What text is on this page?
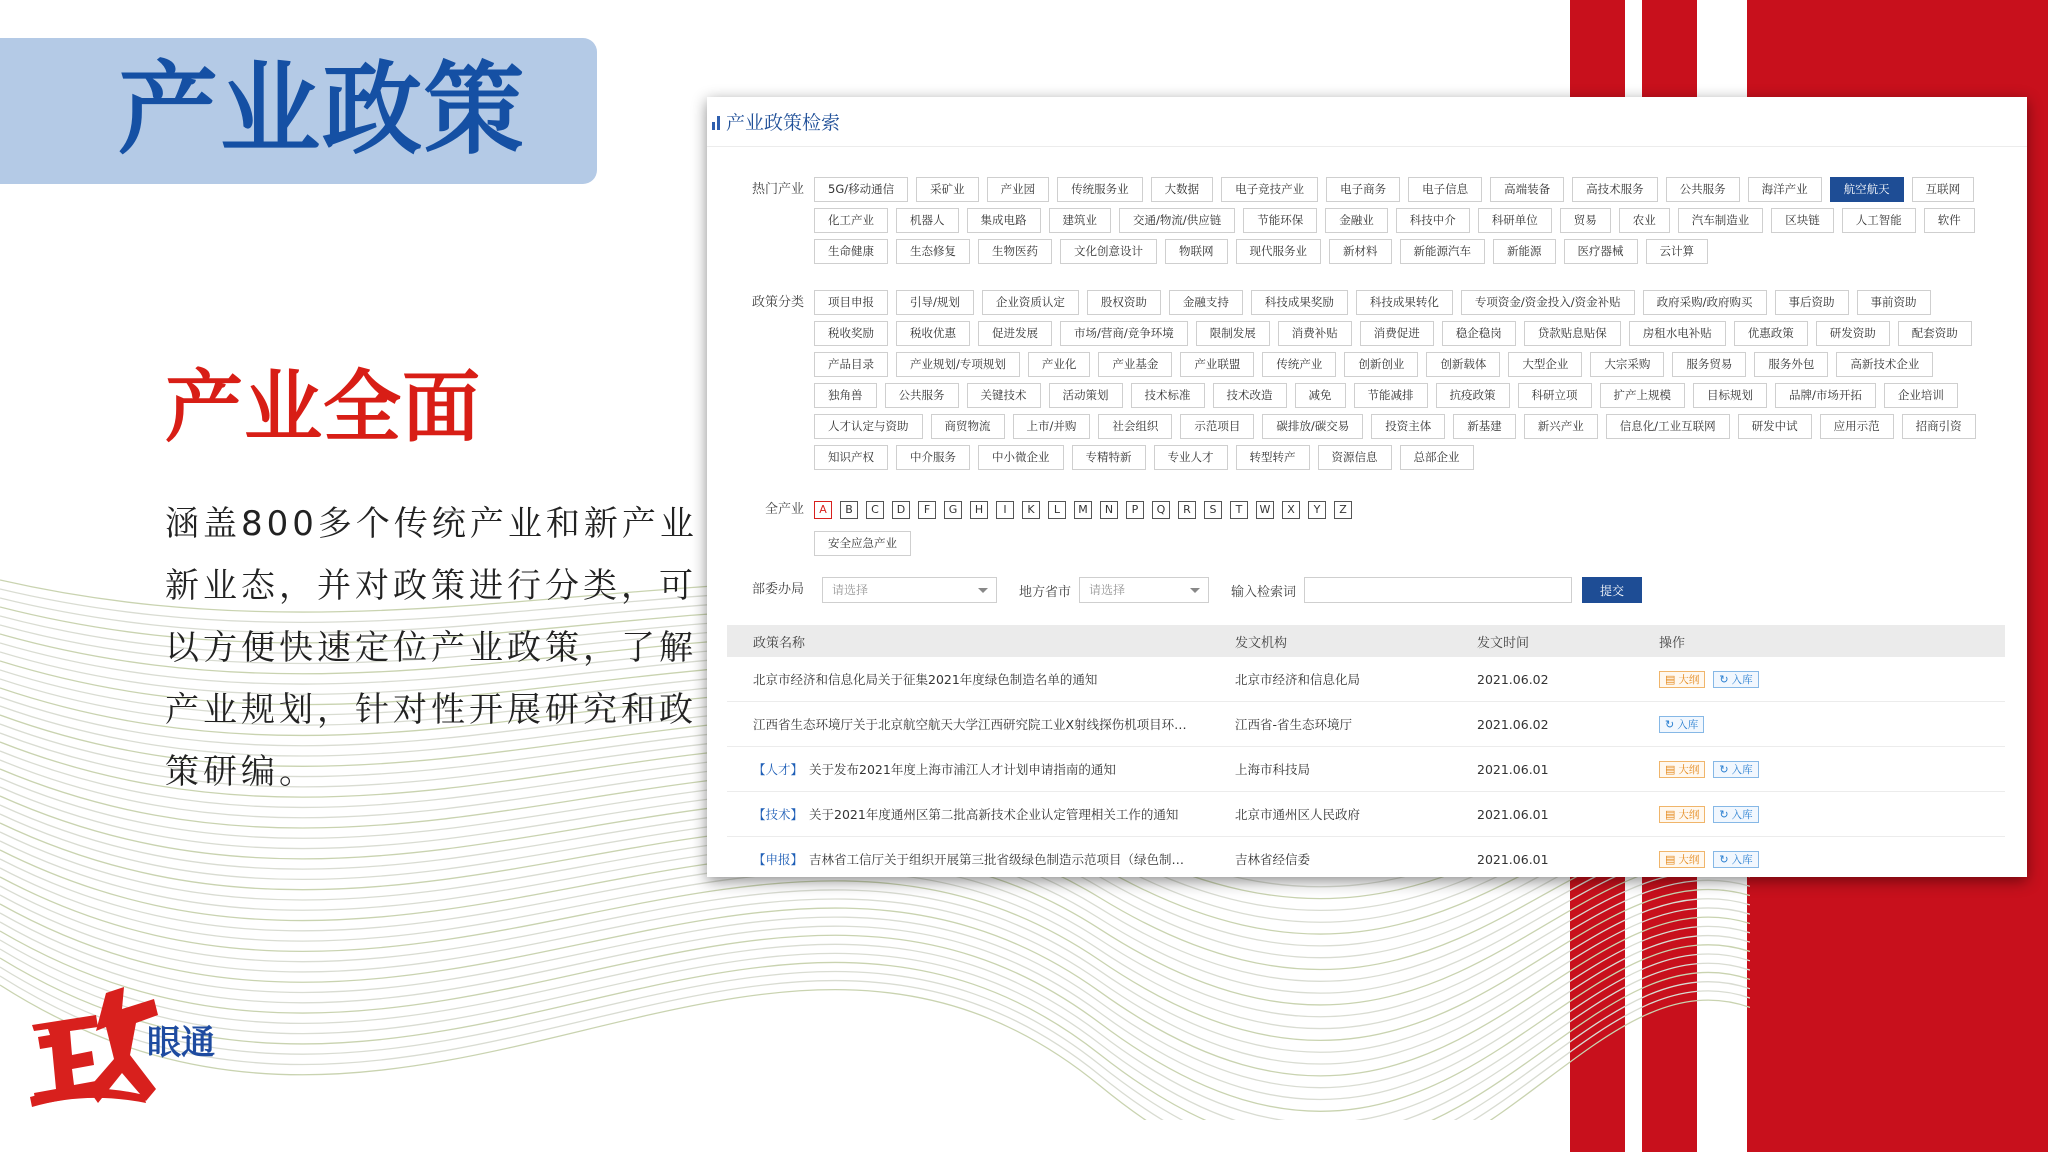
产业政策
产业全面
涵盖800多个传统产业和新产业新业态，并对政策进行分类，可以方便快速定位产业政策，了解产业规划，针对性开展研究和政策研编。
眼通
产业政策检索
热门产业	5G/移动通信	采矿业	产业园	传统服务业	大数据	电子竞技产业	电子商务	电子信息	高端装备	高技术服务	公共服务	海洋产业	航空航天	互联网
化工产业	机器人	集成电路	建筑业	交通/物流/供应链	节能环保	金融业	科技中介	科研单位	贸易	农业	汽车制造业	区块链	人工智能	软件
生命健康	生态修复	生物医药	文化创意设计	物联网	现代服务业	新材料	新能源汽车	新能源	医疗器械	云计算
政策分类	项目申报	引导/规划	企业资质认定	股权资助	金融支持	科技成果奖励	科技成果转化	专项资金/资金投入/资金补贴	政府采购/政府购买	事后资助	事前资助
税收奖励	税收优惠	促进发展	市场/营商/竞争环境	限制发展	消费补贴	消费促进	稳企稳岗	贷款贴息贴保	房租水电补贴	优惠政策	研发资助	配套资助
产品目录	产业规划/专项规划	产业化	产业基金	产业联盟	传统产业	创新创业	创新载体	大型企业	大宗采购	服务贸易	服务外包	高新技术企业
独角兽	公共服务	关键技术	活动策划	技术标准	技术改造	减免	节能减排	抗疫政策	科研立项	扩产上规模	目标规划	品牌/市场开拓	企业培训
人才认定与资助	商贸物流	上市/并购	社会组织	示范项目	碳排放/碳交易	投资主体	新基建	新兴产业	信息化/工业互联网	研发中试	应用示范	招商引资
知识产权	中介服务	中小微企业	专精特新	专业人才	转型转产	资源信息	总部企业
全产业	A	B	C	D	F	G	H	I	K	L	M	N	P	Q	R	S	T	W	X	Y	Z
安全应急产业
部委办局	请选择	地方省市	请选择	输入检索词	提交
政策名称	发文机构	发文时间	操作
北京市经济和信息化局关于征集2021年度绿色制造名单的通知	北京市经济和信息化局	2021.06.02	▤ 大纲 ↻ 入库
江西省生态环境厅关于北京航空航天大学江西研究院工业X射线探伤机项目环…	江西省-省生态环境厅	2021.06.02	↻ 入库
【人才】 关于发布2021年度上海市浦江人才计划申请指南的通知	上海市科技局	2021.06.01	▤ 大纲 ↻ 入库
【技术】 关于2021年度通州区第二批高新技术企业认定管理相关工作的通知	北京市通州区人民政府	2021.06.01	▤ 大纲 ↻ 入库
【申报】 吉林省工信厅关于组织开展第三批省级绿色制造示范项目（绿色制…	吉林省经信委	2021.06.01	▤ 大纲 ↻ 入库
